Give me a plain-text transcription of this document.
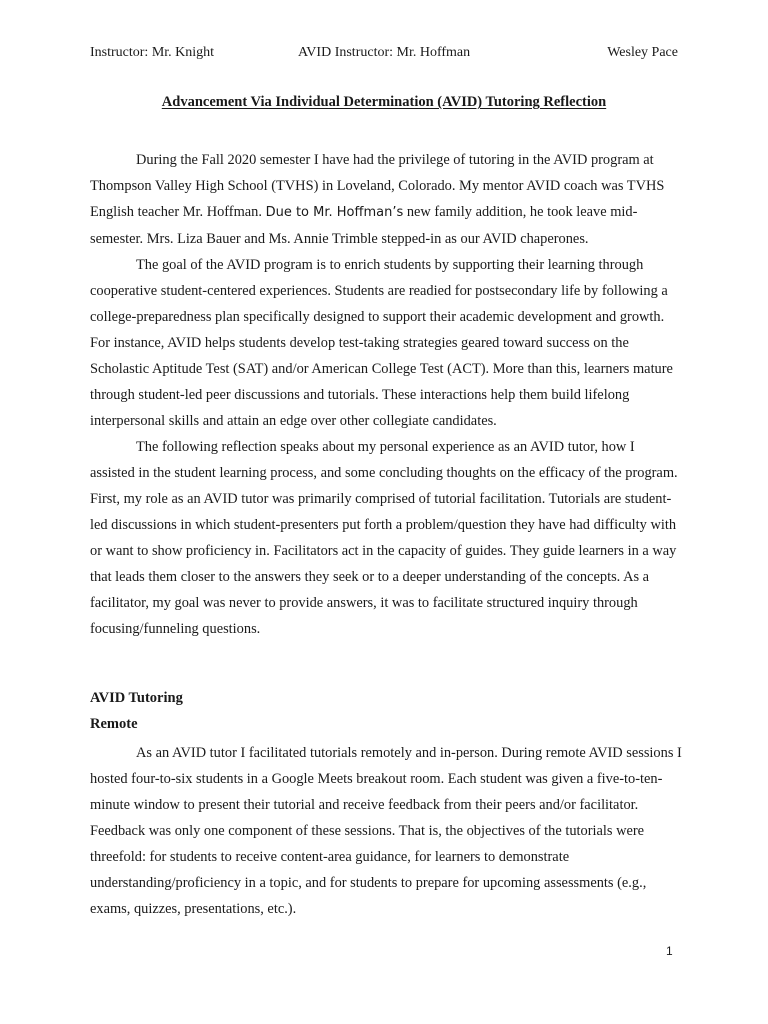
Instructor: Mr. Knight	AVID Instructor: Mr. Hoffman	Wesley Pace
Advancement Via Individual Determination (AVID) Tutoring Reflection

During the Fall 2020 semester I have had the privilege of tutoring in the AVID program at Thompson Valley High School (TVHS) in Loveland, Colorado. My mentor AVID coach was TVHS English teacher Mr. Hoffman. Due to Mr. Hoffman’s new family addition, he took leave mid-semester. Mrs. Liza Bauer and Ms. Annie Trimble stepped-in as our AVID chaperones.

The goal of the AVID program is to enrich students by supporting their learning through cooperative student-centered experiences. Students are readied for postsecondary life by following a college-preparedness plan specifically designed to support their academic development and growth. For instance, AVID helps students develop test-taking strategies geared toward success on the Scholastic Aptitude Test (SAT) and/or American College Test (ACT). More than this, learners mature through student-led peer discussions and tutorials. These interactions help them build lifelong interpersonal skills and attain an edge over other collegiate candidates.

The following reflection speaks about my personal experience as an AVID tutor, how I assisted in the student learning process, and some concluding thoughts on the efficacy of the program. First, my role as an AVID tutor was primarily comprised of tutorial facilitation. Tutorials are student-led discussions in which student-presenters put forth a problem/question they have had difficulty with or want to show proficiency in. Facilitators act in the capacity of guides. They guide learners in a way that leads them closer to the answers they seek or to a deeper understanding of the concepts. As a facilitator, my goal was never to provide answers, it was to facilitate structured inquiry through focusing/funneling questions.

AVID Tutoring
Remote

As an AVID tutor I facilitated tutorials remotely and in-person. During remote AVID sessions I hosted four-to-six students in a Google Meets breakout room. Each student was given a five-to-ten-minute window to present their tutorial and receive feedback from their peers and/or facilitator. Feedback was only one component of these sessions. That is, the objectives of the tutorials were threefold: for students to receive content-area guidance, for learners to demonstrate understanding/proficiency in a topic, and for students to prepare for upcoming assessments (e.g., exams, quizzes, presentations, etc.).

1
